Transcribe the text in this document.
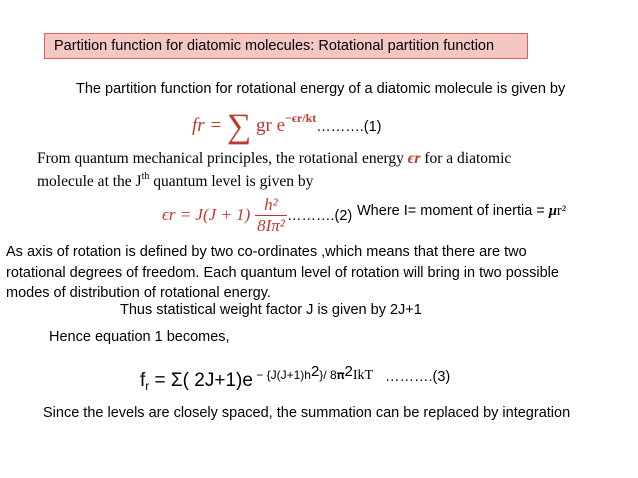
Partition function for diatomic molecules: Rotational partition function
The partition function for rotational energy of a diatomic molecule is given by
fr = ∑ gr $e^{-\epsilon r/kt}\dots\dots\dots.(1)$
From quantum mechanical principles, the rotational energy ϵr for a diatomic
molecule at the $J^{th}$ quantum level is given by
$\epsilon r = J(J + 1) \frac{\text{h²}}{\text{8Iπ²}}$ ……….(2) Where I= moment of inertia = μr²
As axis of rotation is defined by two co-ordinates ,which means that there are two
rotational degrees of freedom. Each quantum level of rotation will bring in two possible
modes of distribution of rotational energy.
Thus statistical weight factor J is given by 2J+1
Hence equation 1 becomes,
$f_r = \Sigma$( 2J+1)e $^{- \{J(J+1)h2\}/ 8𝛑2IkT}$ ……….(3)
Since the levels are closely spaced, the summation can be replaced by integration
